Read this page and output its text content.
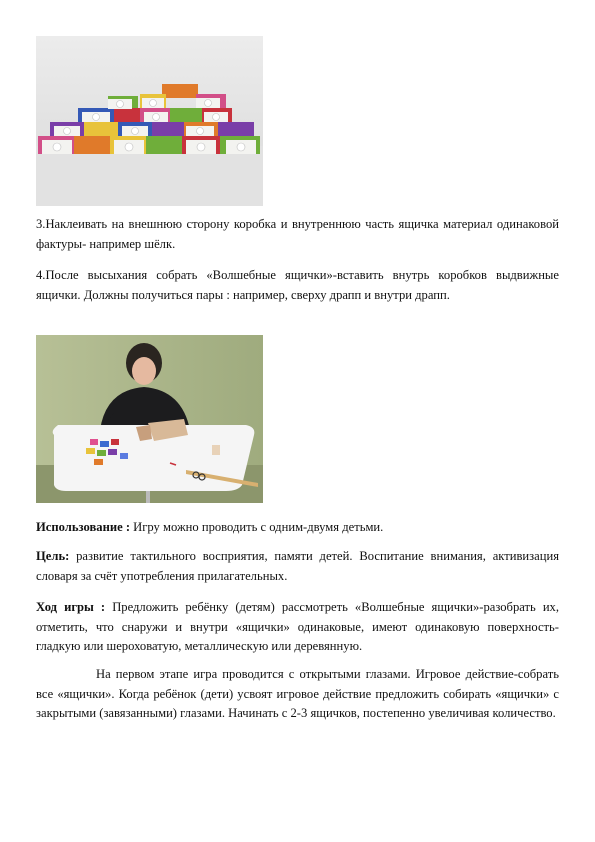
3.Наклеивать на внешнюю сторону коробка и внутреннюю часть ящичка материал одинаковой фактуры- например шёлк.

4.После высыхания собрать «Волшебные ящички»-вставить внутрь коробков выдвижные ящички. Должны получиться пары : например, сверху драпп и внутри драпп.

Использование : Игру можно проводить с одним-двумя детьми.

Цель: развитие тактильного восприятия, памяти детей. Воспитание внимания, активизация словаря за счёт употребления прилагательных.

Ход игры : Предложить ребёнку (детям) рассмотреть «Волшебные ящички»-разобрать их, отметить, что снаружи и внутри «ящички» одинаковые, имеют одинаковую поверхность-гладкую или шероховатую, металлическую или деревянную.

На первом этапе игра проводится с открытыми глазами. Игровое действие-собрать все «ящички». Когда ребёнок (дети) усвоят игровое действие предложить собирать «ящички» с закрытыми (завязанными) глазами. Начинать с 2-3 ящичков, постепенно увеличивая количество.
